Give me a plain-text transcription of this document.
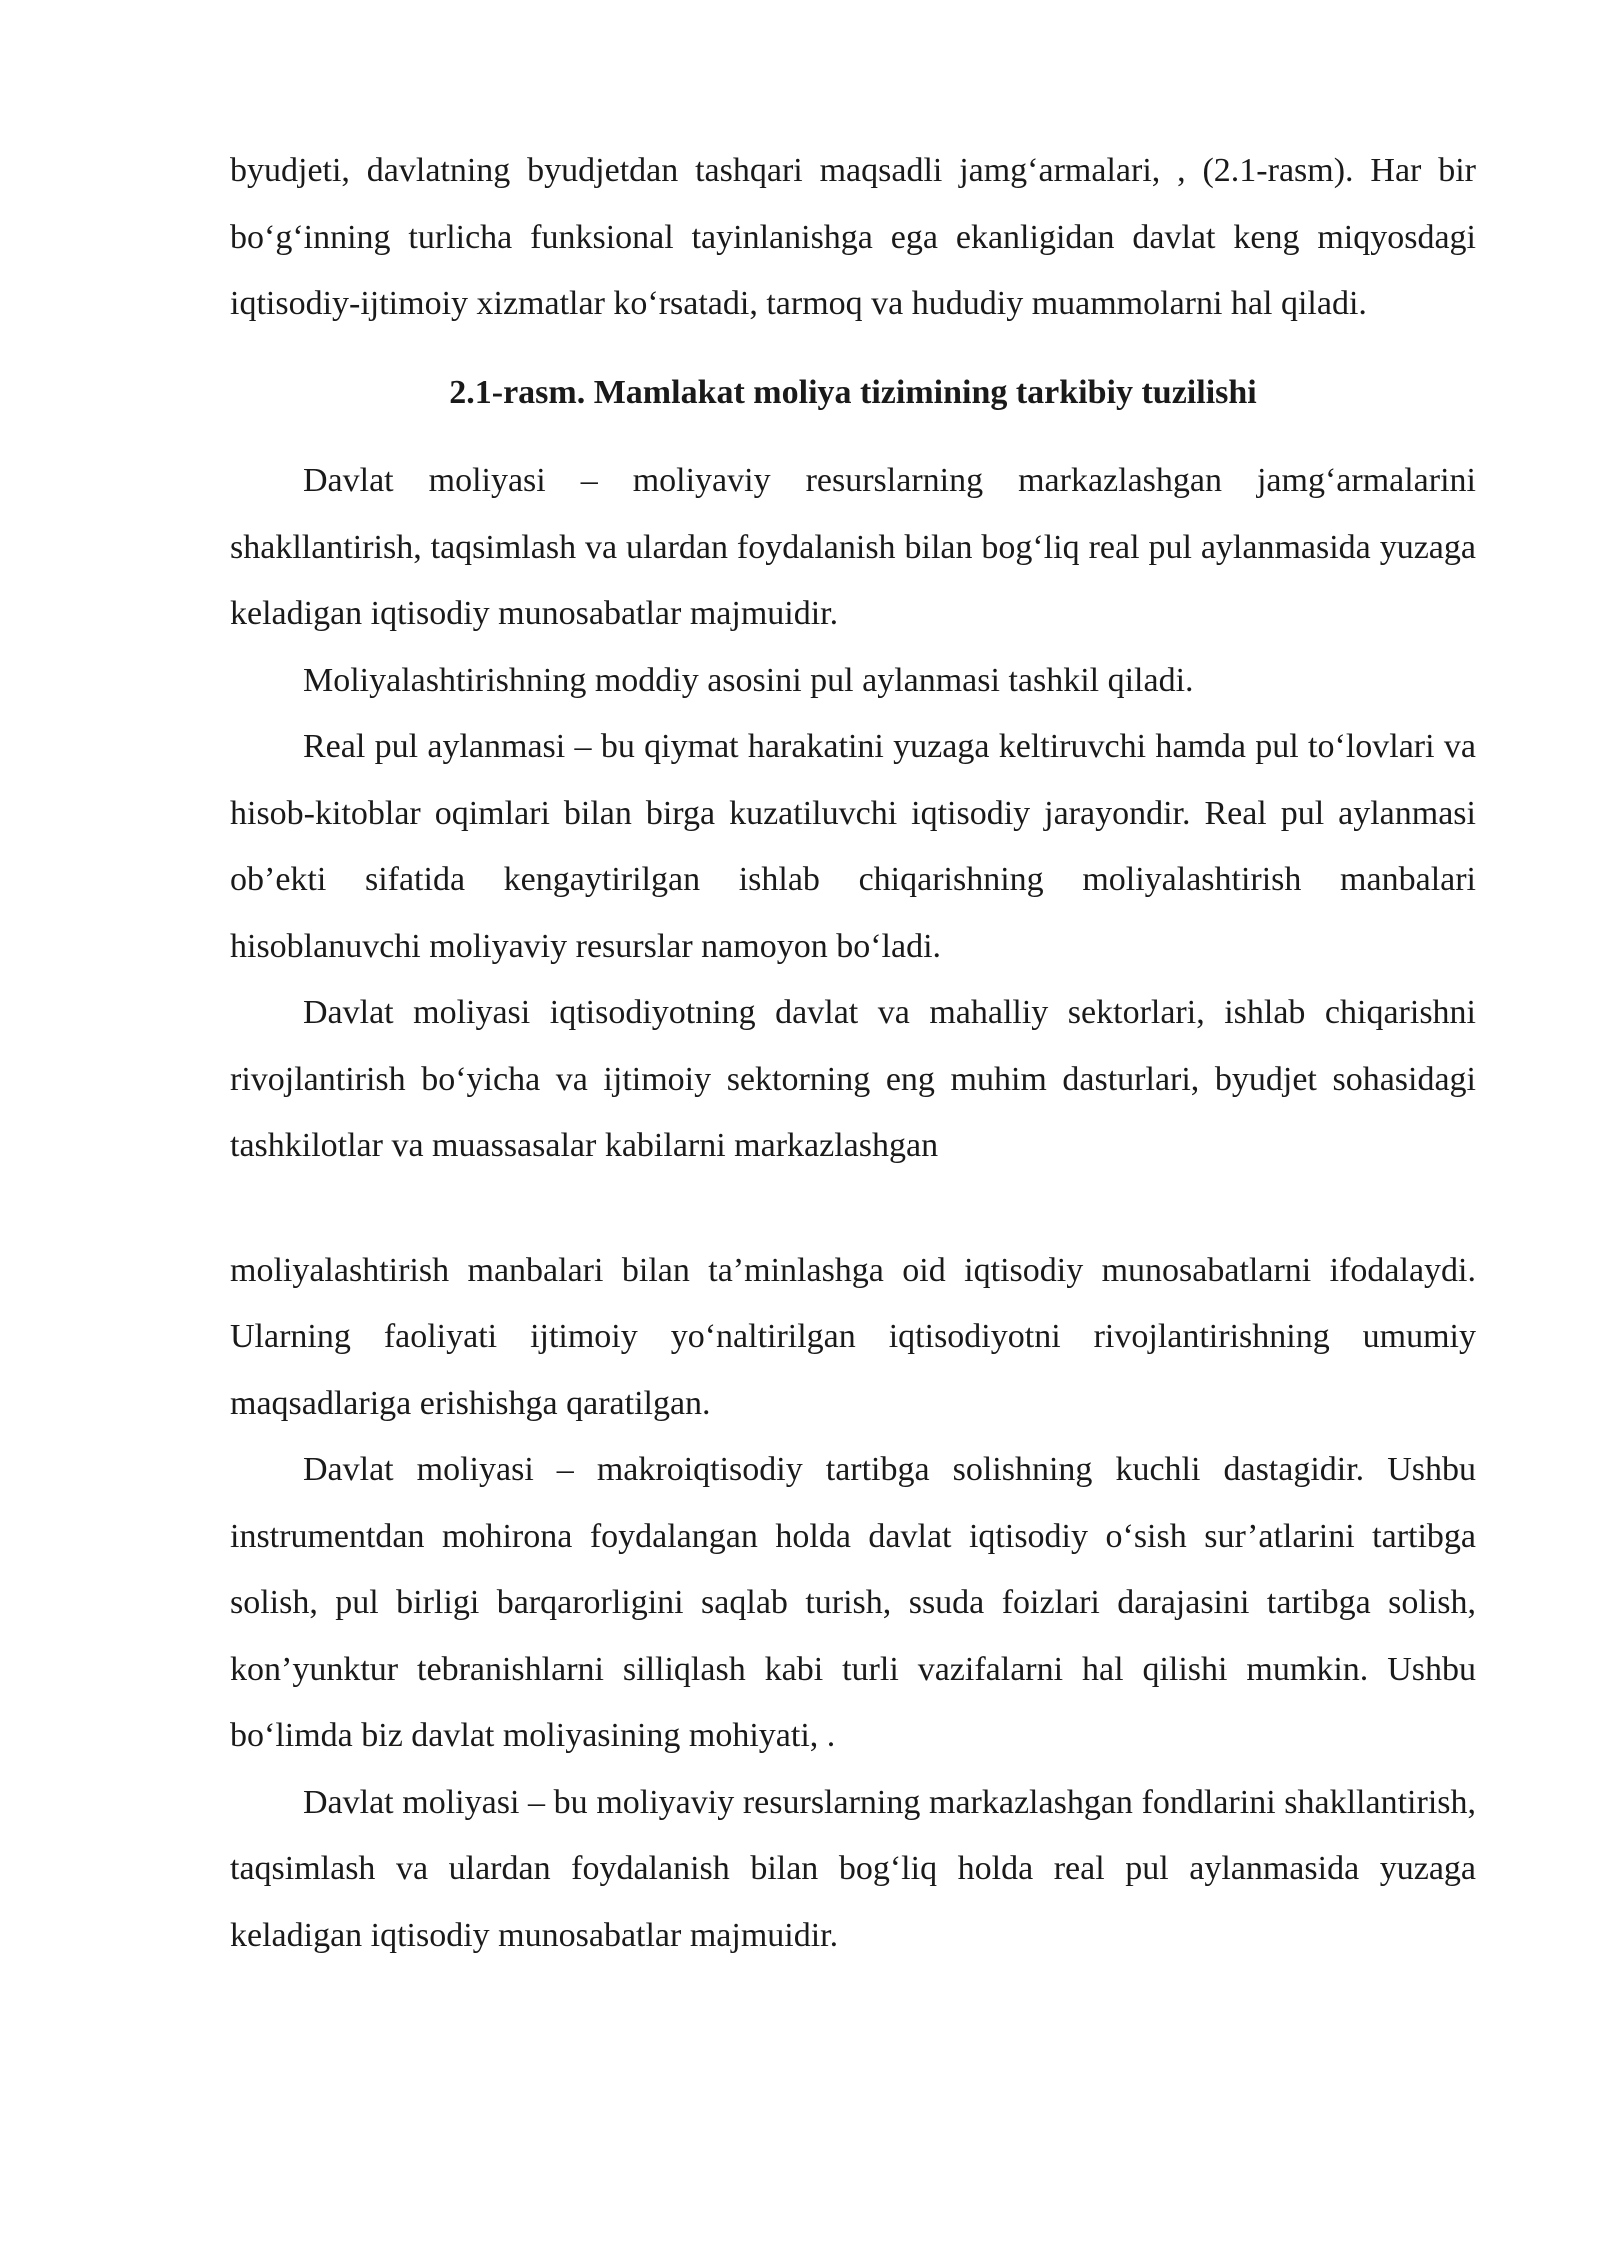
byudjeti, davlatning byudjetdan tashqari maqsadli jamg‘armalari, , (2.1-rasm). Har bir bo‘g‘inning turlicha funksional tayinlanishga ega ekanligidan davlat keng miqyosdagi iqtisodiy-ijtimoiy xizmatlar ko‘rsatadi, tarmoq va hududiy muammolarni hal qiladi.

2.1-rasm. Mamlakat moliya tizimining tarkibiy tuzilishi

Davlat moliyasi – moliyaviy resurslarning markazlashgan jamg‘armalarini shakllantirish, taqsimlash va ulardan foydalanish bilan bog‘liq real pul aylanmasida yuzaga keladigan iqtisodiy munosabatlar majmuidir.

Moliyalashtirishning moddiy asosini pul aylanmasi tashkil qiladi.

Real pul aylanmasi – bu qiymat harakatini yuzaga keltiruvchi hamda pul to‘lovlari va hisob-kitoblar oqimlari bilan birga kuzatiluvchi iqtisodiy jarayondir. Real pul aylanmasi ob’ekti sifatida kengaytirilgan ishlab chiqarishning moliyalashtirish manbalari hisoblanuvchi moliyaviy resurslar namoyon bo‘ladi.

Davlat moliyasi iqtisodiyotning davlat va mahalliy sektorlari, ishlab chiqarishni rivojlantirish bo‘yicha va ijtimoiy sektorning eng muhim dasturlari, byudjet sohasidagi tashkilotlar va muassasalar kabilarni markazlashgan

moliyalashtirish manbalari bilan ta’minlashga oid iqtisodiy munosabatlarni ifodalaydi. Ularning faoliyati ijtimoiy yo‘naltirilgan iqtisodiyotni rivojlantirishning umumiy maqsadlariga erishishga qaratilgan.

Davlat moliyasi – makroiqtisodiy tartibga solishning kuchli dastagidir. Ushbu instrumentdan mohirona foydalangan holda davlat iqtisodiy o‘sish sur’atlarini tartibga solish, pul birligi barqarorligini saqlab turish, ssuda foizlari darajasini tartibga solish, kon’yunktur tebranishlarni silliqlash kabi turli vazifalarni hal qilishi mumkin. Ushbu bo‘limda biz davlat moliyasining mohiyati, .

Davlat moliyasi – bu moliyaviy resurslarning markazlashgan fondlarini shakllantirish, taqsimlash va ulardan foydalanish bilan bog‘liq holda real pul aylanmasida yuzaga keladigan iqtisodiy munosabatlar majmuidir.
